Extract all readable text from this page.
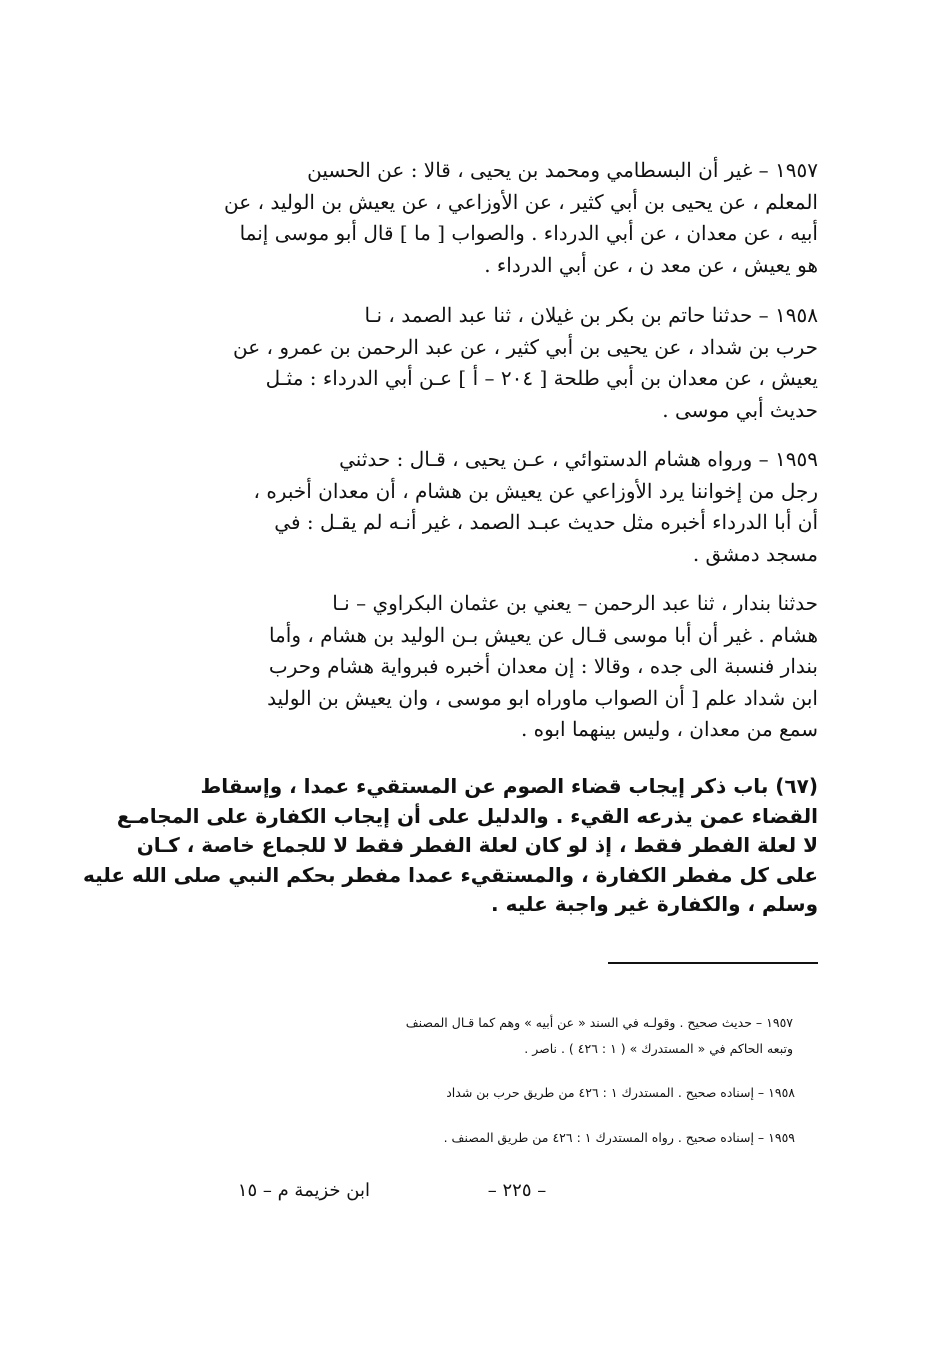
١٩٥٧ – غير أن البسطامي ومحمد بن يحيى ، قالا : عن الحسين
المعلم ، عن يحيى بن أبي كثير ، عن الأوزاعي ، عن يعيش بن الوليد ، عن
أبيه ، عن معدان ، عن أبي الدرداء . والصواب [ ما ] قال أبو موسى إنما
هو يعيش ، عن معد ن ، عن أبي الدرداء .
١٩٥٨ – حدثنا حاتم بن بكر بن غيلان ، ثنا عبد الصمد ، نـا
حرب بن شداد ، عن يحيى بن أبي كثير ، عن عبد الرحمن بن عمرو ، عن
يعيش ، عن معدان بن أبي طلحة [ ٢٠٤ – أ ] عـن أبي الدرداء : مثـل
حديث أبي موسى .
١٩٥٩ – ورواه هشام الدستوائي ، عـن يحيى ، قـال : حدثني
رجل من إخواننا يرد الأوزاعي عن يعيش بن هشام ، أن معدان أخبره ،
أن أبا الدرداء أخبره مثل حديث عبـد الصمد ، غير أنـه لم يقـل : في
مسجد دمشق .
حدثنا بندار ، ثنا عبد الرحمن – يعني بن عثمان البكراوي – نـا
هشام . غير أن أبا موسى قـال عن يعيش بـن الوليد بن هشام ، وأما
بندار فنسبة الى جده ، وقالا : إن معدان أخبره فبرواية هشام وحرب
ابن شداد علم [ أن الصواب ماوراه ابو موسى ، وان يعيش بن الوليد
سمع من معدان ، وليس بينهما ابوه .
(٦٧) باب ذكر إيجاب قضاء الصوم عن المستقيء عمدا ، وإسقاط
القضاء عمن يذرعه القيء . والدليل على أن إيجاب الكفارة على المجامـع
لا لعلة الفطر فقط ، إذ لو كان لعلة الفطر فقط لا للجماع خاصة ، كـان
على كل مفطر الكفارة ، والمستقيء عمدا مفطر بحكم النبي صلى الله عليه
وسلم ، والكفارة غير واجبة عليه .
١٩٥٧ – حديث صحيح . وقولـه في السند « عن أبيه » وهم كما قـال المصنف
وتبعه الحاكم في « المستدرك » ( ١ : ٤٢٦ ) . ناصر .
١٩٥٨ – إسناده صحيح . المستدرك ١ : ٤٢٦ من طريق حرب بن شداد
١٩٥٩ – إسناده صحيح . رواه المستدرك ١ : ٤٢٦ من طريق المصنف .
– ٢٢٥ –
ابن خزيمة م – ١٥
